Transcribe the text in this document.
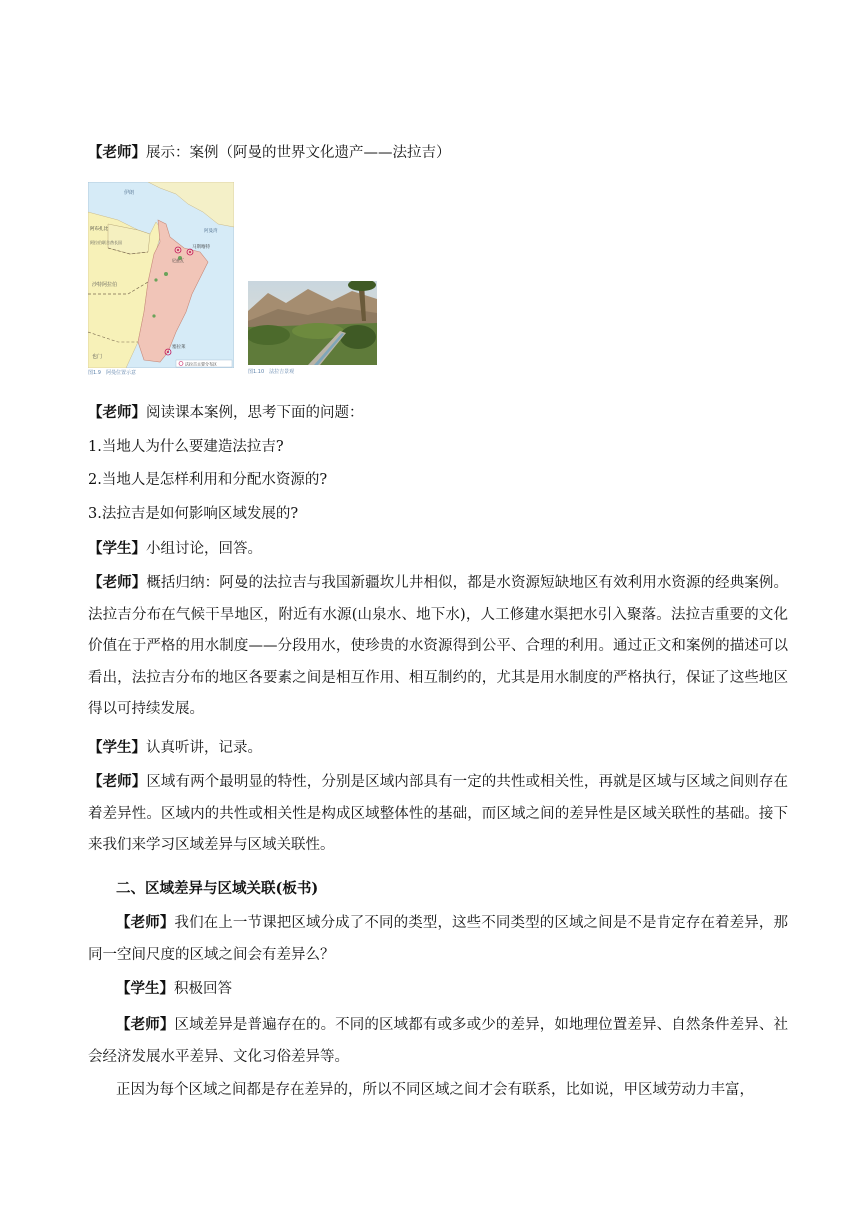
【老师】展示：案例（阿曼的世界文化遗产——法拉吉）

伊朗
阿布扎比
阿拉伯联合酋长国
沙特阿拉伯
也门
马斯喀特
尼兹瓦
塞拉莱
阿曼湾
法拉吉主要分布区
图1.9　阿曼位置示意	图1.10　法拉吉景观

【老师】阅读课本案例，思考下面的问题：

1.当地人为什么要建造法拉吉?

2.当地人是怎样利用和分配水资源的?

3.法拉吉是如何影响区域发展的?

【学生】小组讨论，回答。

【老师】概括归纳：阿曼的法拉吉与我国新疆坎儿井相似，都是水资源短缺地区有效利用水资源的经典案例。法拉吉分布在气候干旱地区，附近有水源(山泉水、地下水)，人工修建水渠把水引入聚落。法拉吉重要的文化价值在于严格的用水制度——分段用水，使珍贵的水资源得到公平、合理的利用。通过正文和案例的描述可以看出，法拉吉分布的地区各要素之间是相互作用、相互制约的，尤其是用水制度的严格执行，保证了这些地区得以可持续发展。

【学生】认真听讲，记录。

【老师】区域有两个最明显的特性，分别是区域内部具有一定的共性或相关性，再就是区域与区域之间则存在着差异性。区域内的共性或相关性是构成区域整体性的基础，而区域之间的差异性是区域关联性的基础。接下来我们来学习区域差异与区域关联性。

二、区域差异与区域关联(板书)

【老师】我们在上一节课把区域分成了不同的类型，这些不同类型的区域之间是不是肯定存在着差异，那同一空间尺度的区域之间会有差异么？

【学生】积极回答

【老师】区域差异是普遍存在的。不同的区域都有或多或少的差异，如地理位置差异、自然条件差异、社会经济发展水平差异、文化习俗差异等。

正因为每个区域之间都是存在差异的，所以不同区域之间才会有联系，比如说，甲区域劳动力丰富，
